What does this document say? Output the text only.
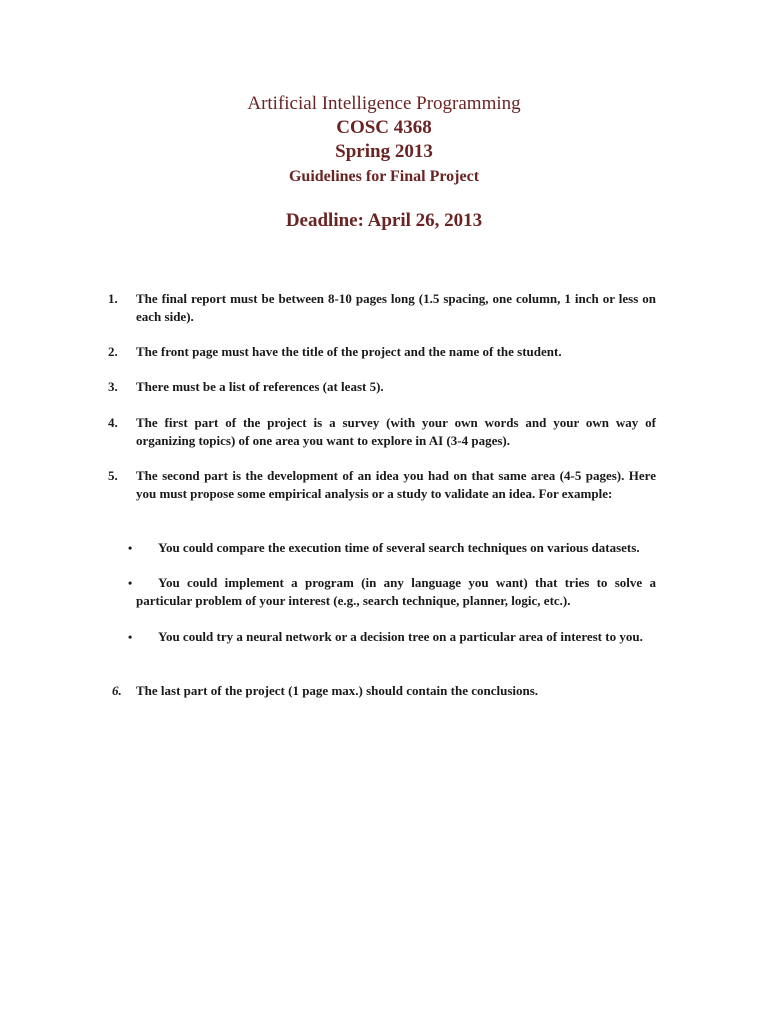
Artificial Intelligence Programming
COSC 4368
Spring 2013
Guidelines for Final Project
Deadline: April 26, 2013
1.	The final report must be between 8-10 pages long (1.5 spacing, one column, 1 inch or less on each side).
2.	The front page must have the title of the project and the name of the student.
3.	There must be a list of references (at least 5).
4.	The first part of the project is a survey (with your own words and your own way of organizing topics) of one area you want to explore in AI (3-4 pages).
5.	The second part is the development of an idea you had on that same area (4-5 pages). Here you must propose some empirical analysis or a study to validate an idea. For example:
•	You could compare the execution time of several search techniques on various datasets.
•	You could implement a program (in any language you want) that tries to solve a particular problem of your interest (e.g., search technique, planner, logic, etc.).
•	You could try a neural network or a decision tree on a particular area of interest to you.
6.	The last part of the project (1 page max.) should contain the conclusions.
